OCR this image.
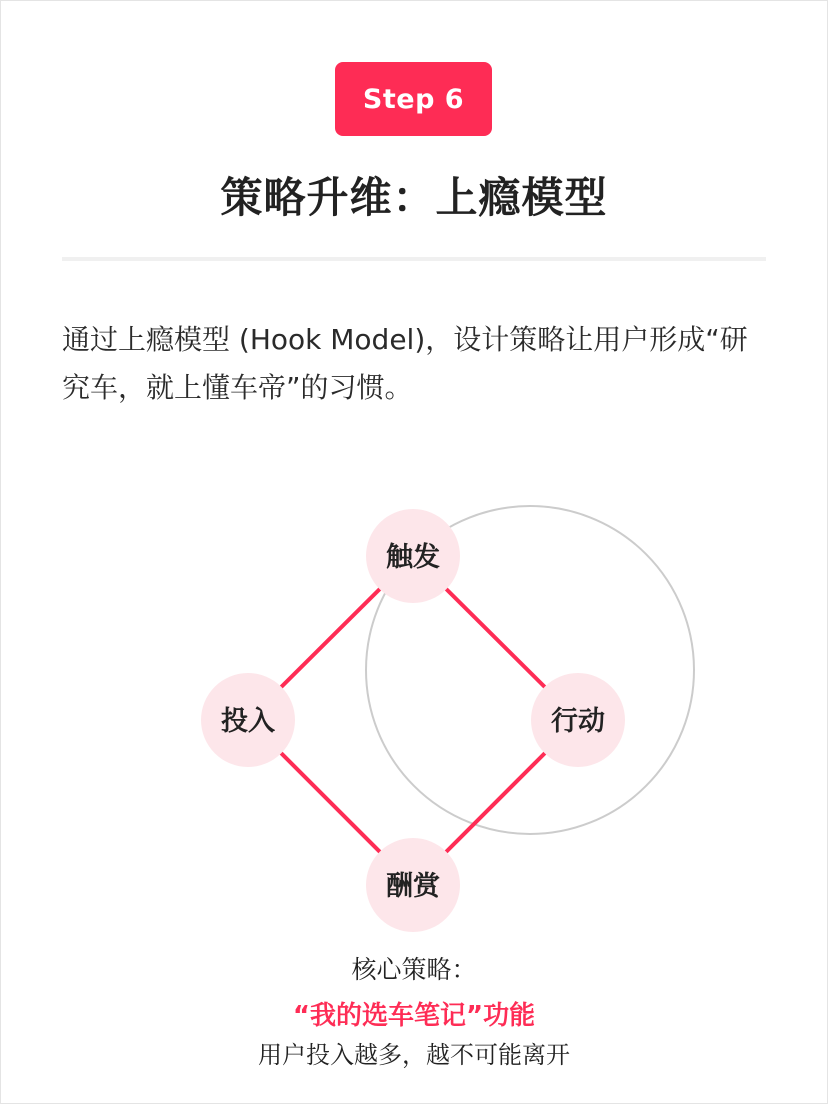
Step 6
策略升维：上瘾模型
通过上瘾模型 (Hook Model)，设计策略让用户形成“研究车，就上懂车帝”的习惯。
触发
行动
酬赏
投入
核心策略：
“我的选车笔记”功能
用户投入越多，越不可能离开
